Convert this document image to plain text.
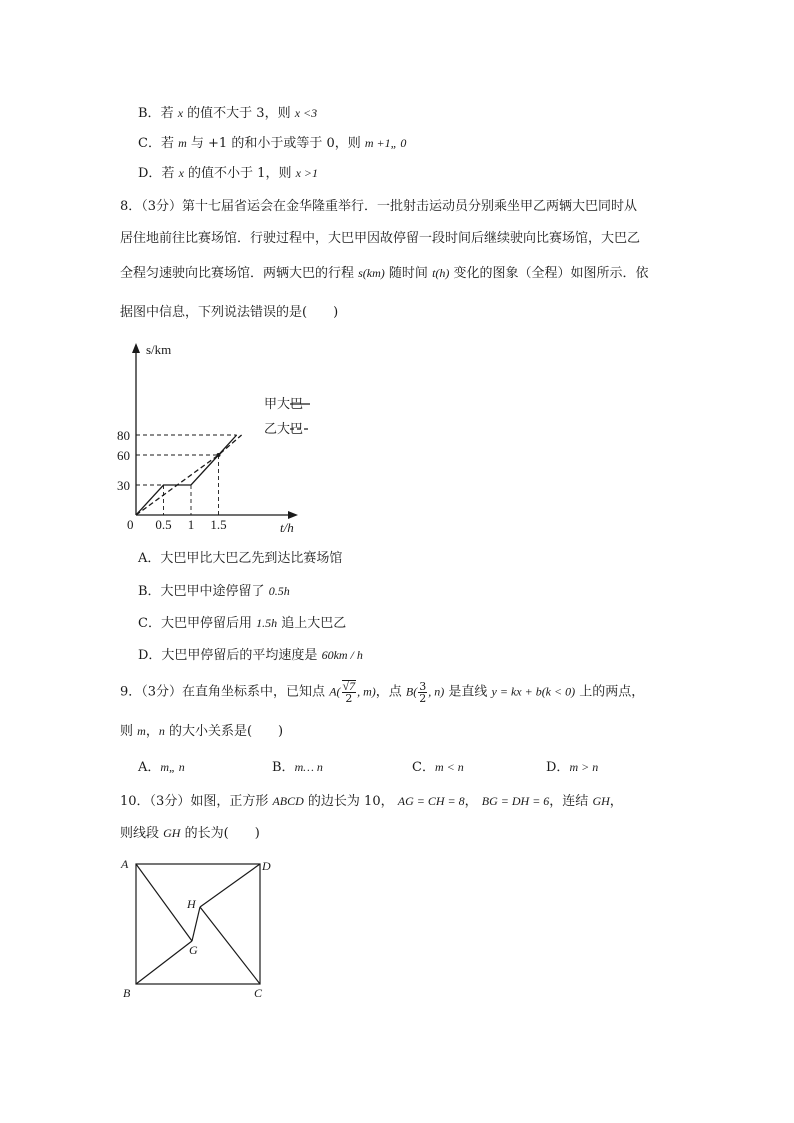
B．若 x 的值不大于 3，则 x <3
C．若 m 与 +1 的和小于或等于 0，则 m +1„ 0
D．若 x 的值不小于 1，则 x >1
8．（3分）第十七届省运会在金华隆重举行．一批射击运动员分别乘坐甲乙两辆大巴同时从
居住地前往比赛场馆．行驶过程中，大巴甲因故停留一段时间后继续驶向比赛场馆，大巴乙
全程匀速驶向比赛场馆．两辆大巴的行程 s(km) 随时间 t(h) 变化的图象（全程）如图所示．依
据图中信息，下列说法错误的是(　　)
s/km
t/h
0
30
60
80
0.5 1 1.5
甲大巴
乙大巴
A．大巴甲比大巴乙先到达比赛场馆
B．大巴甲中途停留了 0.5h
C．大巴甲停留后用 1.5h 追上大巴乙
D．大巴甲停留后的平均速度是 60km / h
9．（3分）在直角坐标系中，已知点 $A( \frac{√7}{2}$ , m)，点 $B( \frac{3}{2}$ , n) 是直线 y = kx + b(k < 0) 上的两点，
则 m，n 的大小关系是(　　)
A．m„ n	B．m… n	C．m < n	D．m > n
10．（3分）如图，正方形 ABCD 的边长为 10， AG = CH = 8， BG = DH = 6，连结 GH，
则线段 GH 的长为(　　)
A	D
B	C
H
G
